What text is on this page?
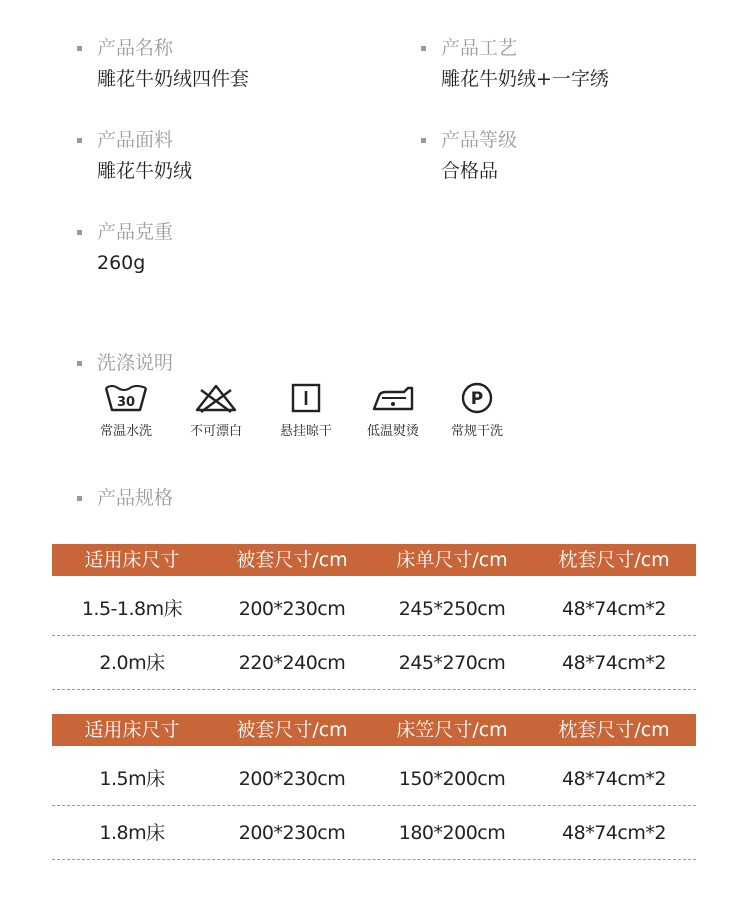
产品名称
雕花牛奶绒四件套
产品工艺
雕花牛奶绒+一字绣
产品面料
雕花牛奶绒
产品等级
合格品
产品克重
260g
洗涤说明
30
常温水洗	不可漂白	悬挂晾干	低温熨烫
P
常规干洗
产品规格
适用床尺寸	被套尺寸/cm	床单尺寸/cm	枕套尺寸/cm
1.5-1.8m床	200*230cm	245*250cm	48*74cm*2
2.0m床	220*240cm	245*270cm	48*74cm*2
适用床尺寸	被套尺寸/cm	床笠尺寸/cm	枕套尺寸/cm
1.5m床	200*230cm	150*200cm	48*74cm*2
1.8m床	200*230cm	180*200cm	48*74cm*2
